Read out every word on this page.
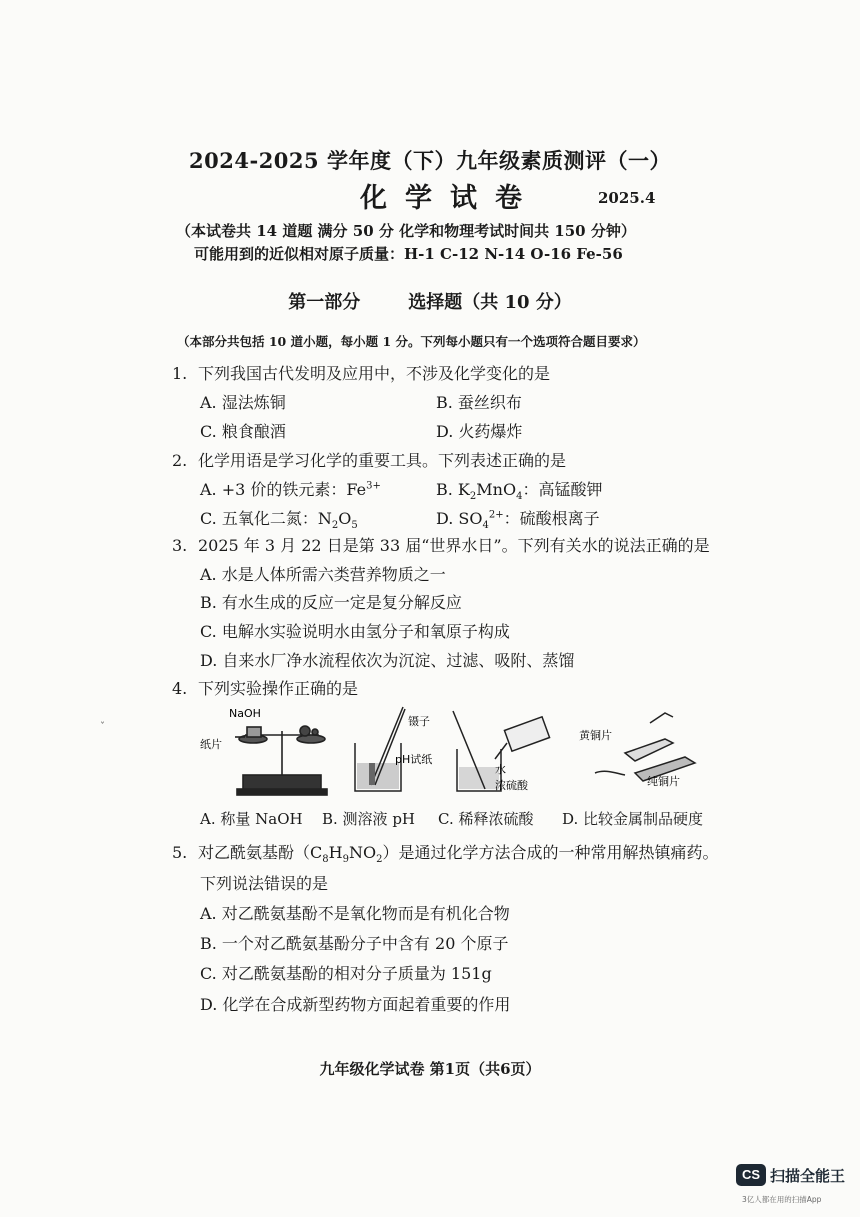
2024-2025 学年度（下）九年级素质测评（一）
化学试卷	2025.4
（本试卷共 14 道题 满分 50 分 化学和物理考试时间共 150 分钟）
可能用到的近似相对原子质量：H-1 C-12 N-14 O-16 Fe-56
第一部分	选择题（共 10 分）
（本部分共包括 10 道小题，每小题 1 分。下列每小题只有一个选项符合题目要求）
1. 下列我国古代发明及应用中，不涉及化学变化的是
A. 湿法炼铜	B. 蚕丝织布
C. 粮食酿酒	D. 火药爆炸
2. 化学用语是学习化学的重要工具。下列表述正确的是
A. +3 价的铁元素：$Fe^{3+}$	B. $K_2MnO_4$：高锰酸钾
C. 五氧化二氮：$N_2O_5$	D. $SO_4^{2+}$：硫酸根离子
3. 2025 年 3 月 22 日是第 33 届“世界水日”。下列有关水的说法正确的是
A. 水是人体所需六类营养物质之一
B. 有水生成的反应一定是复分解反应
C. 电解水实验说明水由氢分子和氧原子构成
D. 自来水厂净水流程依次为沉淀、过滤、吸附、蒸馏
4. 下列实验操作正确的是
ˇ
NaOH
纸片
镊子
pH试纸
水
浓硫酸
黄铜片
纯铜片
A. 称量 NaOH B. 测溶液 pH C. 稀释浓硫酸 D. 比较金属制品硬度
5. 对乙酰氨基酚$(C_8H_9NO_2)$是通过化学方法合成的一种常用解热镇痛药。
下列说法错误的是
A. 对乙酰氨基酚不是氧化物而是有机化合物
B. 一个对乙酰氨基酚分子中含有 20 个原子
C. 对乙酰氨基酚的相对分子质量为 151g
D. 化学在合成新型药物方面起着重要的作用
九年级化学试卷 第1页（共6页）
CS 扫描全能王
3亿人都在用的扫描App
